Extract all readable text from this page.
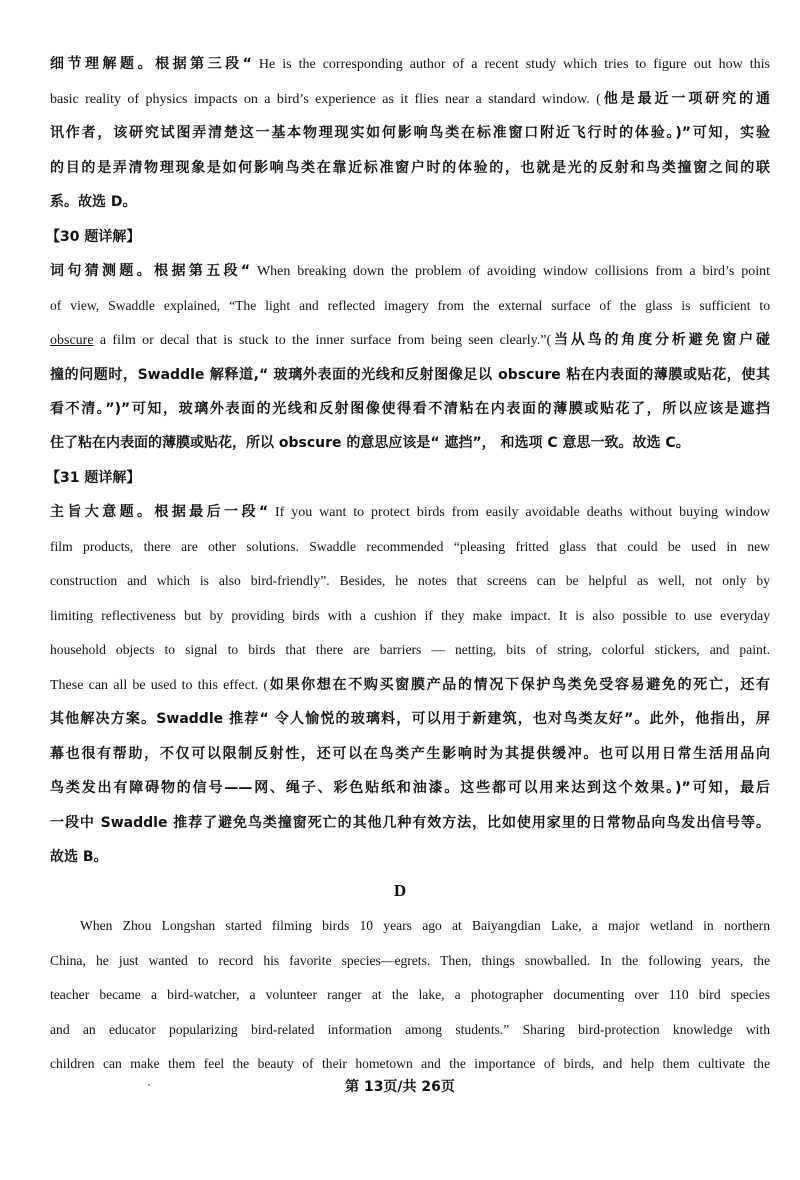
细节理解题。根据第三段“ He is the corresponding author of a recent study which tries to figure out how this
basic reality of physics impacts on a bird’s experience as it flies near a standard window. (他是最近一项研究的通
讯作者，该研究试图弄清楚这一基本物理现实如何影响鸟类在标准窗口附近飞行时的体验。)”可知，实验
的目的是弄清物理现象是如何影响鸟类在靠近标准窗户时的体验的，也就是光的反射和鸟类撞窗之间的联
系。故选 D。
【30 题详解】
词句猜测题。根据第五段“ When breaking down the problem of avoiding window collisions from a bird’s point
of view, Swaddle explained, “The light and reflected imagery from the external surface of the glass is sufficient to
obscure a film or decal that is stuck to the inner surface from being seen clearly.”(当从鸟的角度分析避免窗户碰
撞的问题时，Swaddle 解释道,“ 玻璃外表面的光线和反射图像足以 obscure 粘在内表面的薄膜或贴花，使其
看不清。”)”可知，玻璃外表面的光线和反射图像使得看不清粘在内表面的薄膜或贴花了，所以应该是遮挡
住了粘在内表面的薄膜或贴花，所以 obscure 的意思应该是“ 遮挡”， 和选项 C 意思一致。故选 C。
【31 题详解】
主旨大意题。根据最后一段“ If you want to protect birds from easily avoidable deaths without buying window
film products, there are other solutions. Swaddle recommended “pleasing fritted glass that could be used in new
construction and which is also bird-friendly”. Besides, he notes that screens can be helpful as well, not only by
limiting reflectiveness but by providing birds with a cushion if they make impact. It is also possible to use everyday
household objects to signal to birds that there are barriers — netting, bits of string, colorful stickers, and paint.
These can all be used to this effect. (如果你想在不购买窗膜产品的情况下保护鸟类免受容易避免的死亡，还有
其他解决方案。Swaddle 推荐“ 令人愉悦的玻璃料，可以用于新建筑，也对鸟类友好”。此外，他指出，屏
幕也很有帮助，不仅可以限制反射性，还可以在鸟类产生影响时为其提供缓冲。也可以用日常生活用品向
鸟类发出有障碍物的信号——网、绳子、彩色贴纸和油漆。这些都可以用来达到这个效果。)”可知，最后
一段中 Swaddle 推荐了避免鸟类撞窗死亡的其他几种有效方法，比如使用家里的日常物品向鸟发出信号等。
故选 B。
D
When Zhou Longshan started filming birds 10 years ago at Baiyangdian Lake, a major wetland in northern
China, he just wanted to record his favorite species—egrets. Then, things snowballed. In the following years, the
teacher became a bird-watcher, a volunteer ranger at the lake, a photographer documenting over 110 bird species
and an educator popularizing bird-related information among students.” Sharing bird-protection knowledge with
children can make them feel the beauty of their hometown and the importance of birds, and help them cultivate the
第 13页/共 26页
